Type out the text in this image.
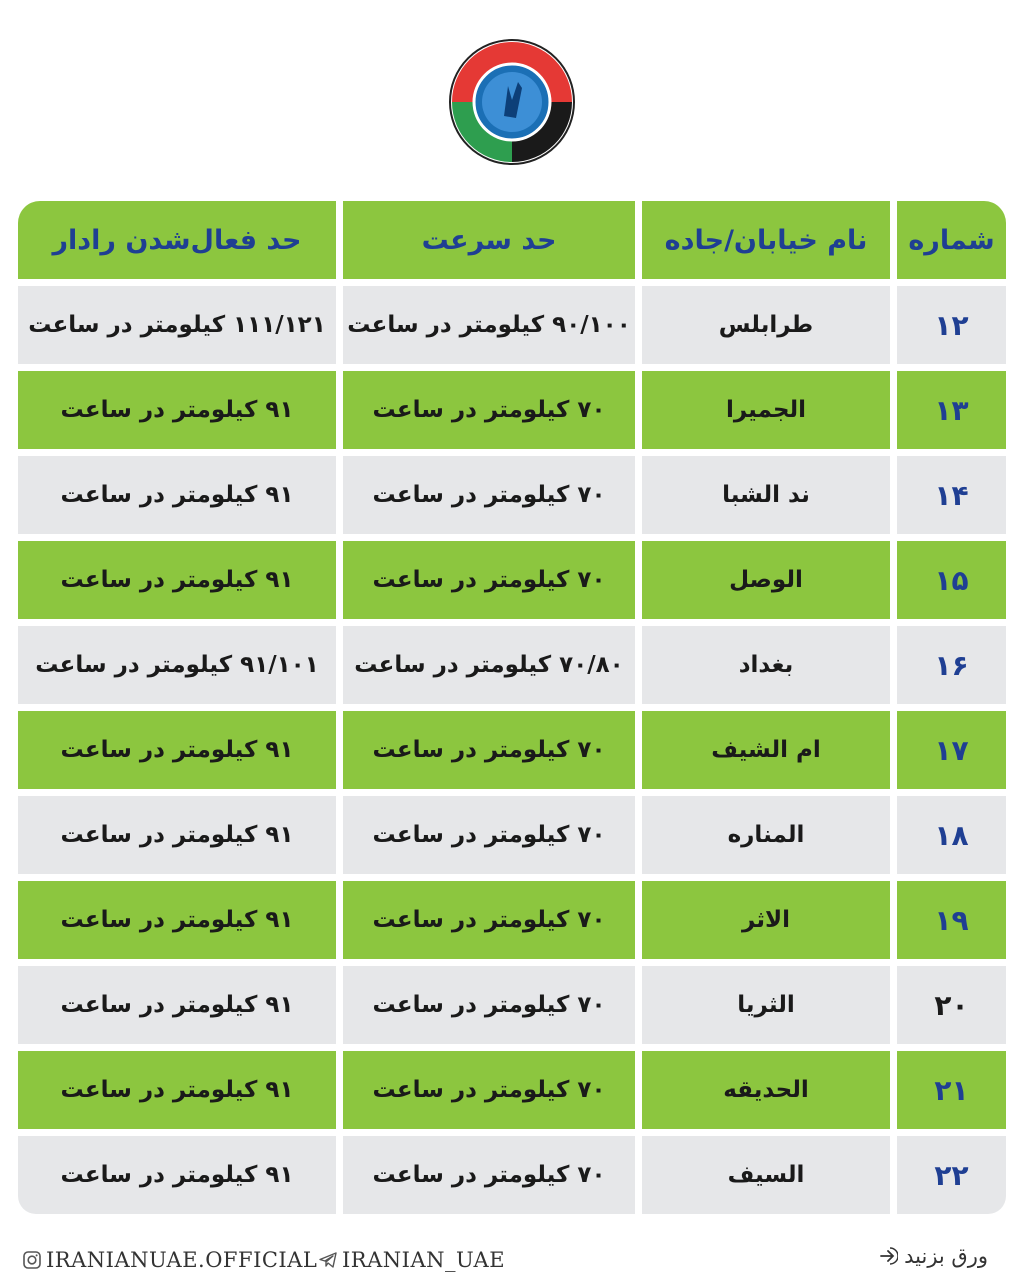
شماره
نام خیابان/جاده
حد سرعت
حد فعال‌شدن رادار
۱۲
طرابلس
۹۰/۱۰۰ کیلومتر در ساعت
۱۱۱/۱۲۱ کیلومتر در ساعت
۱۳
الجمیرا
۷۰ کیلومتر در ساعت
۹۱ کیلومتر در ساعت
۱۴
ند الشبا
۷۰ کیلومتر در ساعت
۹۱ کیلومتر در ساعت
۱۵
الوصل
۷۰ کیلومتر در ساعت
۹۱ کیلومتر در ساعت
۱۶
بغداد
۷۰/۸۰ کیلومتر در ساعت
۹۱/۱۰۱ کیلومتر در ساعت
۱۷
ام الشیف
۷۰ کیلومتر در ساعت
۹۱ کیلومتر در ساعت
۱۸
المناره
۷۰ کیلومتر در ساعت
۹۱ کیلومتر در ساعت
۱۹
الاثر
۷۰ کیلومتر در ساعت
۹۱ کیلومتر در ساعت
۲۰
الثریا
۷۰ کیلومتر در ساعت
۹۱ کیلومتر در ساعت
۲۱
الحدیقه
۷۰ کیلومتر در ساعت
۹۱ کیلومتر در ساعت
۲۲
السیف
۷۰ کیلومتر در ساعت
۹۱ کیلومتر در ساعت
IRANIANUAE.OFFICIAL IRANIAN_UAE	ورق بزنید
